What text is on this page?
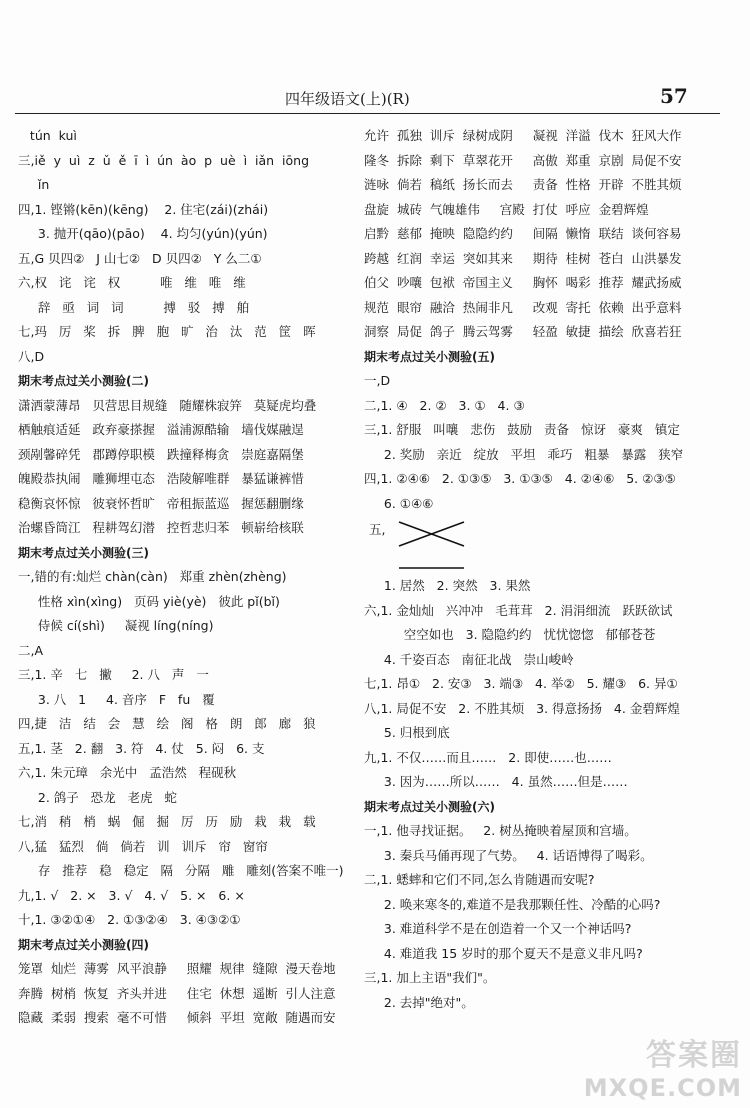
四年级语文(上)(R)	57
tún  kuì
三,iě  y  uì  z  ǔ  ě  ī  ì  ún  ào  p  uè  ì  iǎn  iōng
ǐn
四,1. 铿锵(kēn)(kēng)    2. 住宅(zái)(zhái)
3. 抛开(qāo)(pāo)    4. 均匀(yún)(yún)
五,G 贝四②   J 山七②   D 贝四②   Y 么二①
六,权   诧   诧   权          唯   维   唯   维
辞   亟   词   词          搏   驳   搏   舶
七,玛   厉   桨   拆   脾   胞   旷   治   汰   范   筐   晖
八,D
期末考点过关小测验(二)
潇洒蒙薄昂   贝营思目规缝   随耀株寂笄   莫疑虎均叠
栖触痕适延   政弃豪搽握   溢浦源酷输   墙伐媒融逞
颈剐馨碎凭   郡蹲停职模   跌撞释梅贪   崇庭嘉隔堡
魄殿恭执闹   雕狮埋屯态   浩陵解唯群   暴猛谦裤惜
稳衡哀怀惊   彼衰怀哲旷   帝租振蓝巡   握惩翻删缘
治螺昏筒江   程耕驾幻潜   控哲悲归苯   顿崭给核联
期末考点过关小测验(三)
一,错的有:灿烂 chàn(càn)   郑重 zhèn(zhèng)
性格 xìn(xìng)   页码 yiè(yè)   彼此 pǐ(bǐ)
侍候 cí(shì)     凝视 líng(níng)
二,A
三,1. 辛   七   撇     2. 八   声   一
3. 八   1     4. 音序   F   fu   覆
四,捷   洁   结   会   慧   绘   阁   格   朗   郎   廊   狼
五,1. 茎   2. 翻   3. 符   4. 仗   5. 闷   6. 支
六,1. 朱元璋   余光中   孟浩然   程砚秋
2. 鸽子   恐龙   老虎   蛇
七,消   稍   梢   蜗   倔   掘   厉   历   励   栽   栽   载
八,猛   猛烈   倘   倘若   训   训斥   帘   窗帘
存   推荐   稳   稳定   隔   分隔   雕   雕刻(答案不唯一)
九,1. √   2. ×   3. √   4. √   5. ×   6. ×
十,1. ③②①④   2. ①③②④   3. ④③②①
期末考点过关小测验(四)
笼罩  灿烂  薄雾  风平浪静     照耀  规律  缝隙  漫天卷地
奔腾  树梢  恢复  齐头并进     住宅  休想  遥断  引人注意
隐藏  柔弱  搜索  毫不可惜     倾斜  平坦  宽敞  随遇而安
允许  孤独  训斥  绿树成阴     凝视  洋溢  伐木  狂风大作
隆冬  拆除  剩下  草翠花开     高傲  郑重  京剧  局促不安
涟咏  倘若  稿纸  扬长而去     责备  性格  开辟  不胜其烦
盘旋  城砖  气魄雄伟     宫殿  打仗  呼应  金碧辉煌
启黔  慈郁  掩映  隐隐约约     间隔  懒惰  联结  谈何容易
跨越  红润  幸运  突如其来     期待  桂树  苍白  山洪暴发
伯父  吵嚷  包袱  帝国主义     胸怀  喝彩  推荐  耀武扬威
规范  眼帘  融洽  热闹非凡     改观  寄托  依赖  出乎意料
洞察  局促  鸽子  腾云驾雾     轻盈  敏捷  描绘  欣喜若狂
期末考点过关小测验(五)
一,D
二,1. ④   2. ②   3. ①   4. ③
三,1. 舒服   叫嚷   悲伤   鼓励   责备   惊讶   豪爽   镇定
2. 奖励   亲近   绽放   平坦   乖巧   粗暴   暴露   狭窄
四,1. ②④⑥   2. ①③⑤   3. ①③⑤   4. ②④⑥   5. ②③⑤
6. ①④⑥
五,
1. 居然   2. 突然   3. 果然
六,1. 金灿灿   兴冲冲   毛茸茸   2. 涓涓细流   跃跃欲试
空空如也   3. 隐隐约约   忧忧惚惚   郁郁苍苍
4. 千姿百态   南征北战   崇山峻岭
七,1. 昂①   2. 安③   3. 端③   4. 举②   5. 耀③   6. 异①
八,1. 局促不安   2. 不胜其烦   3. 得意扬扬   4. 金碧辉煌
5. 归根到底
九,1. 不仅……而且……   2. 即使……也……
3. 因为……所以……   4. 虽然……但是……
期末考点过关小测验(六)
一,1. 他寻找证据。   2. 树丛掩映着屋顶和宫墙。
3. 秦兵马俑再现了气势。   4. 话语博得了喝彩。
二,1. 蟋蟀和它们不同,怎么肯随遇而安呢?
2. 唤来寒冬的,难道不是我那颗任性、冷酷的心吗?
3. 难道科学不是在创造着一个又一个神话吗?
4. 难道我 15 岁时的那个夏天不是意义非凡吗?
三,1. 加上主语"我们"。
2. 去掉"绝对"。
答案圈
MXQE.COM
